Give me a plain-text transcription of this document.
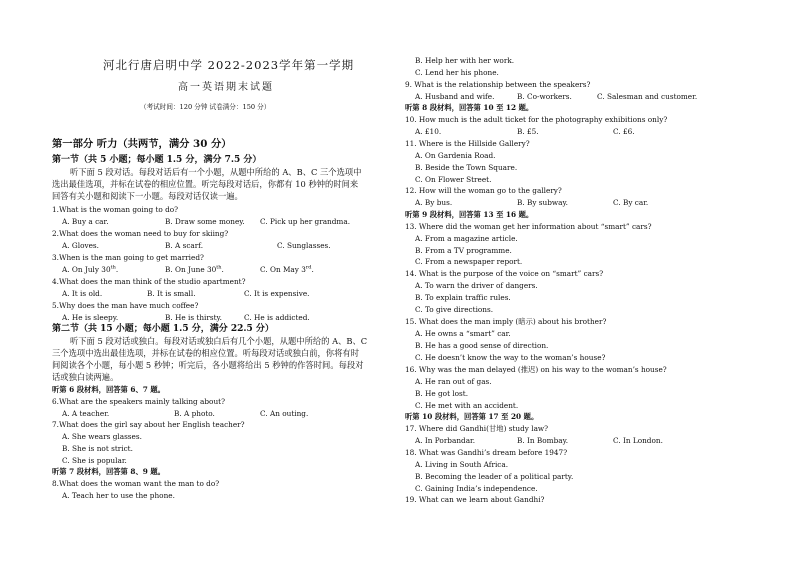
河北行唐启明中学 2022-2023学年第一学期
高一英语期末试题
（考试时间：120 分钟 试卷满分：150 分）
第一部分 听力（共两节，满分 30 分）
第一节（共 5 小题；每小题 1.5 分，满分 7.5 分）
听下面 5 段对话。每段对话后有一个小题，从题中所给的 A、B、C 三个选项中
选出最佳选项，并标在试卷的相应位置。听完每段对话后，你都有 10 秒钟的时间来
回答有关小题和阅读下一小题。每段对话仅读一遍。
1.What is the woman going to do?
A. Buy a car.	B. Draw some money. C. Pick up her grandma.
2.What does the woman need to buy for skiing?
A. Gloves.	B. A scarf.	C. Sunglasses.
3.When is the man going to get married?
A. On July 30th.	B. On June 30th.	C. On May 3rd.
4.What does the man think of the studio apartment?
A. It is old.	B. It is small.	C. It is expensive.
5.Why does the man have much coffee?
A. He is sleepy.	B. He is thirsty.	C. He is addicted.
第二节（共 15 小题；每小题 1.5 分，满分 22.5 分）
听下面 5 段对话或独白。每段对话或独白后有几个小题，从题中所给的 A、B、C
三个选项中选出最佳选项，并标在试卷的相应位置。听每段对话或独白前，你将有时
间阅读各个小题，每小题 5 秒钟；听完后，各小题将给出 5 秒钟的作答时间。每段对
话或独白读两遍。
听第 6 段材料，回答第 6、7 题。
6.What are the speakers mainly talking about?
A. A teacher.	B. A photo.	C. An outing.
7.What does the girl say about her English teacher?
A. She wears glasses.
B. She is not strict.
C. She is popular.
听第 7 段材料，回答第 8、9 题。
8.What does the woman want the man to do?
A. Teach her to use the phone.
B. Help her with her work.
C. Lend her his phone.
9. What is the relationship between the speakers?
A. Husband and wife.	B. Co-workers.	C. Salesman and customer.
听第 8 段材料，回答第 10 至 12 题。
10. How much is the adult ticket for the photography exhibitions only?
A. £10.	B. £5.	C. £6.
11. Where is the Hillside Gallery?
A. On Gardenia Road.
B. Beside the Town Square.
C. On Flower Street.
12. How will the woman go to the gallery?
A. By bus.	B. By subway.	C. By car.
听第 9 段材料，回答第 13 至 16 题。
13. Where did the woman get her information about “smart” cars?
A. From a magazine article.
B. From a TV programme.
C. From a newspaper report.
14. What is the purpose of the voice on “smart” cars?
A. To warn the driver of dangers.
B. To explain traffic rules.
C. To give directions.
15. What does the man imply (暗示) about his brother?
A. He owns a “smart” car.
B. He has a good sense of direction.
C. He doesn’t know the way to the woman’s house?
16. Why was the man delayed (推迟) on his way to the woman’s house?
A. He ran out of gas.
B. He got lost.
C. He met with an accident.
听第 10 段材料，回答第 17 至 20 题。
17. Where did Gandhi(甘地) study law?
A. In Porbandar.	B. In Bombay.	C. In London.
18. What was Gandhi’s dream before 1947?
A. Living in South Africa.
B. Becoming the leader of a political party.
C. Gaining India’s independence.
19. What can we learn about Gandhi?
